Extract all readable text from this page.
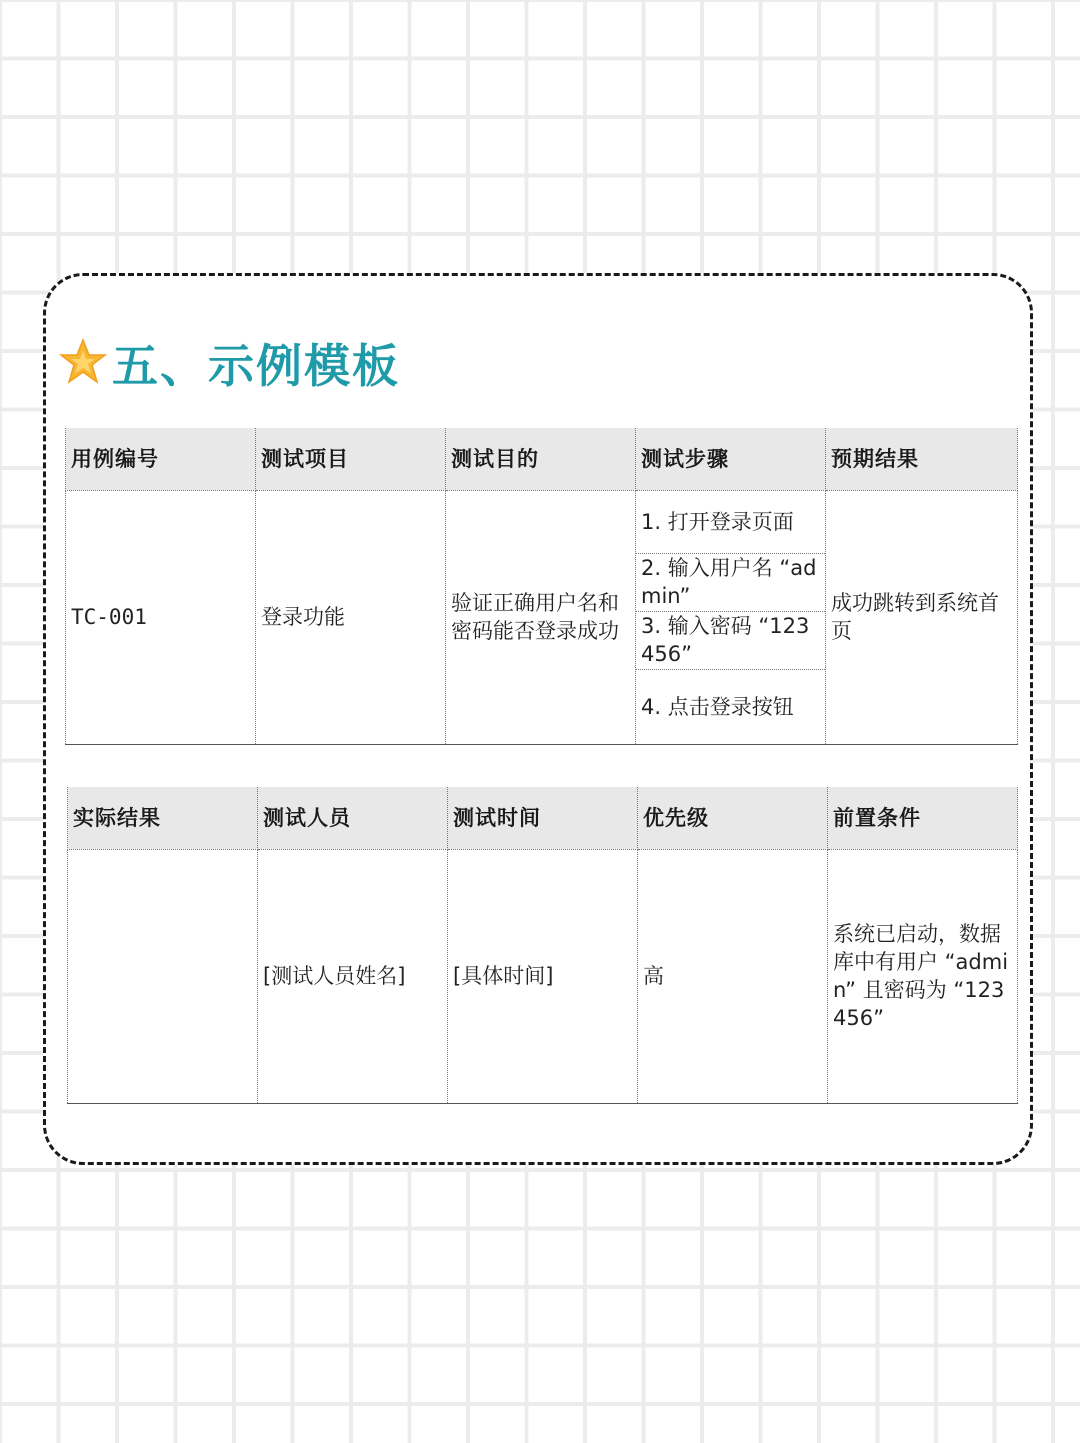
五、示例模板
用例编号	测试项目	测试目的	测试步骤	预期结果
TC-001	登录功能	验证正确用户名和密码能否登录成功	1. 打开登录页面
2. 输入用户名 “admin”
3. 输入密码 “123456”
4. 点击登录按钮	成功跳转到系统首页
实际结果	测试人员	测试时间	优先级	前置条件
	[测试人员姓名]	[具体时间]	高	系统已启动，数据库中有用户 “admin” 且密码为 “123456”
